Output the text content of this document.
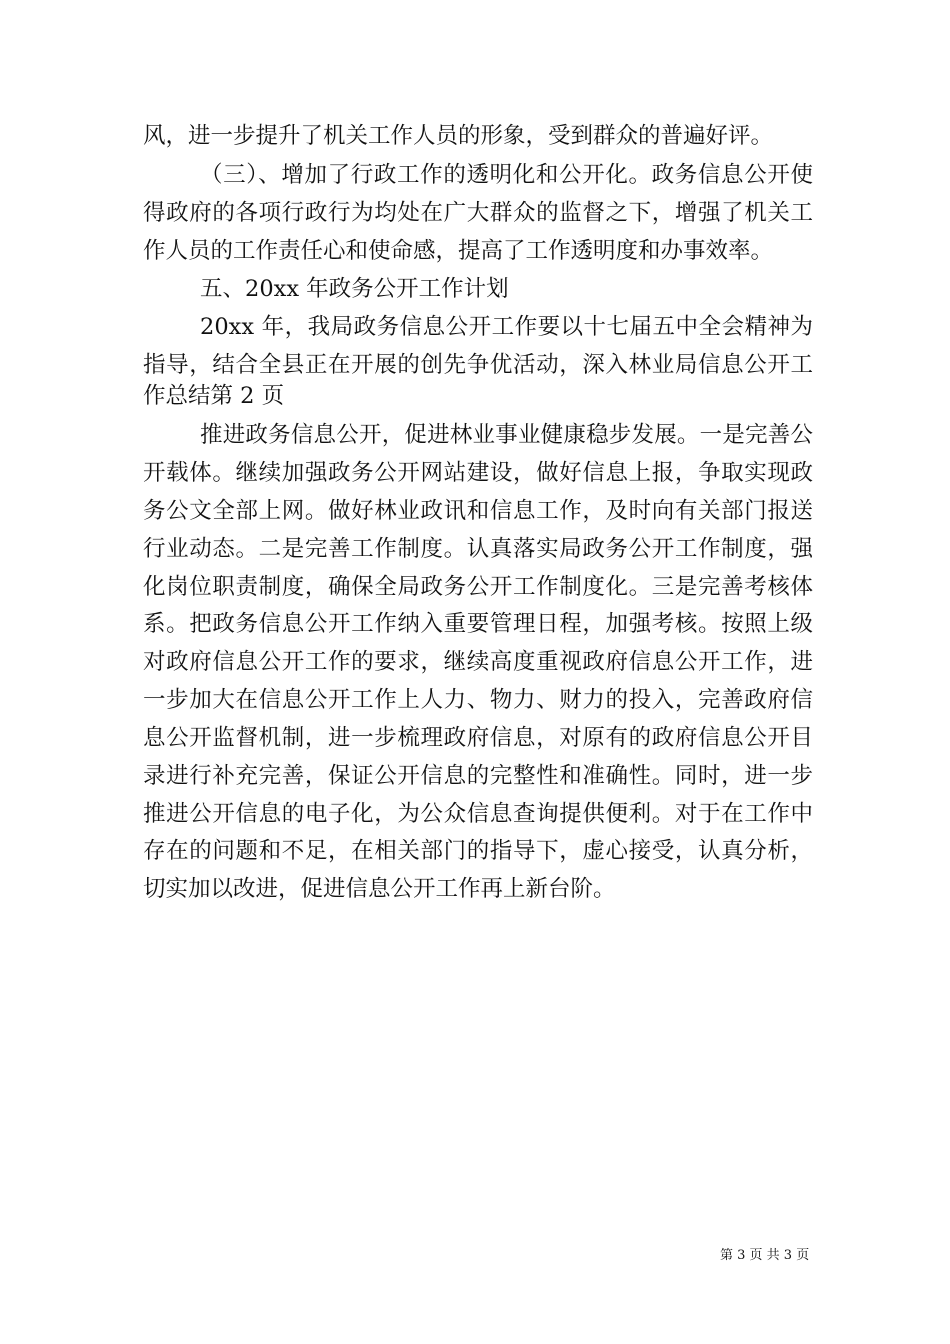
风，进一步提升了机关工作人员的形象，受到群众的普遍好评。
（三）、增加了行政工作的透明化和公开化。政务信息公开使
得政府的各项行政行为均处在广大群众的监督之下，增强了机关工
作人员的工作责任心和使命感，提高了工作透明度和办事效率。
五、20xx 年政务公开工作计划
20xx 年，我局政务信息公开工作要以十七届五中全会精神为
指导，结合全县正在开展的创先争优活动，深入林业局信息公开工
作总结第 2 页
推进政务信息公开，促进林业事业健康稳步发展。一是完善公
开载体。继续加强政务公开网站建设，做好信息上报，争取实现政
务公文全部上网。做好林业政讯和信息工作，及时向有关部门报送
行业动态。二是完善工作制度。认真落实局政务公开工作制度，强
化岗位职责制度，确保全局政务公开工作制度化。三是完善考核体
系。把政务信息公开工作纳入重要管理日程，加强考核。按照上级
对政府信息公开工作的要求，继续高度重视政府信息公开工作，进
一步加大在信息公开工作上人力、物力、财力的投入，完善政府信
息公开监督机制，进一步梳理政府信息，对原有的政府信息公开目
录进行补充完善，保证公开信息的完整性和准确性。同时，进一步
推进公开信息的电子化，为公众信息查询提供便利。对于在工作中
存在的问题和不足，在相关部门的指导下，虚心接受，认真分析，
切实加以改进，促进信息公开工作再上新台阶。
第 3 页 共 3 页
